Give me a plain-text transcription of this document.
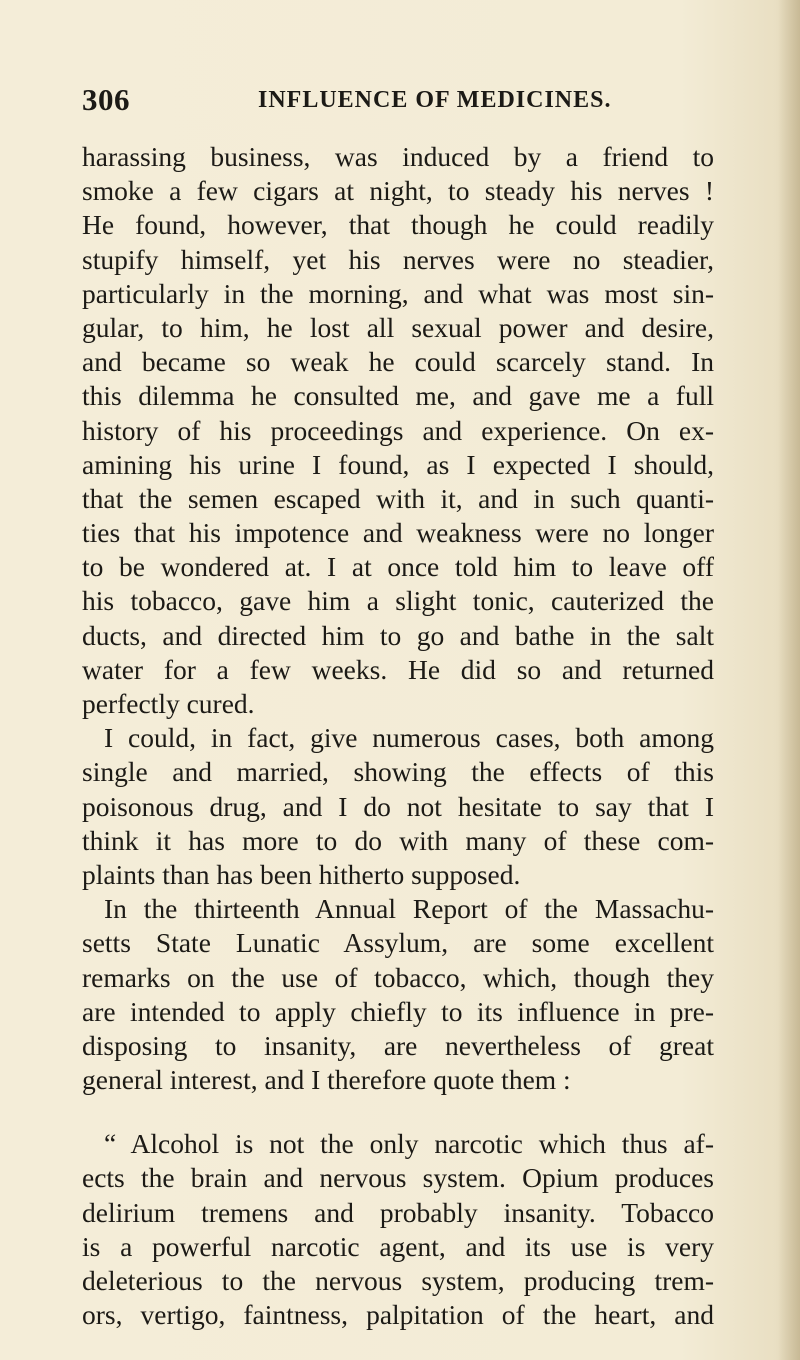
306	INFLUENCE OF MEDICINES.
harassing business, was induced by a friend to
smoke a few cigars at night, to steady his nerves !
He found, however, that though he could readily
stupify himself, yet his nerves were no steadier,
particularly in the morning, and what was most sin-
gular, to him, he lost all sexual power and desire,
and became so weak he could scarcely stand. In
this dilemma he consulted me, and gave me a full
history of his proceedings and experience. On ex-
amining his urine I found, as I expected I should,
that the semen escaped with it, and in such quanti-
ties that his impotence and weakness were no longer
to be wondered at. I at once told him to leave off
his tobacco, gave him a slight tonic, cauterized the
ducts, and directed him to go and bathe in the salt
water for a few weeks. He did so and returned
perfectly cured.
I could, in fact, give numerous cases, both among
single and married, showing the effects of this
poisonous drug, and I do not hesitate to say that I
think it has more to do with many of these com-
plaints than has been hitherto supposed.
In the thirteenth Annual Report of the Massachu-
setts State Lunatic Assylum, are some excellent
remarks on the use of tobacco, which, though they
are intended to apply chiefly to its influence in pre-
disposing to insanity, are nevertheless of great
general interest, and I therefore quote them :
“ Alcohol is not the only narcotic which thus af-
ects the brain and nervous system. Opium produces
delirium tremens and probably insanity. Tobacco
is a powerful narcotic agent, and its use is very
deleterious to the nervous system, producing trem-
ors, vertigo, faintness, palpitation of the heart, and
